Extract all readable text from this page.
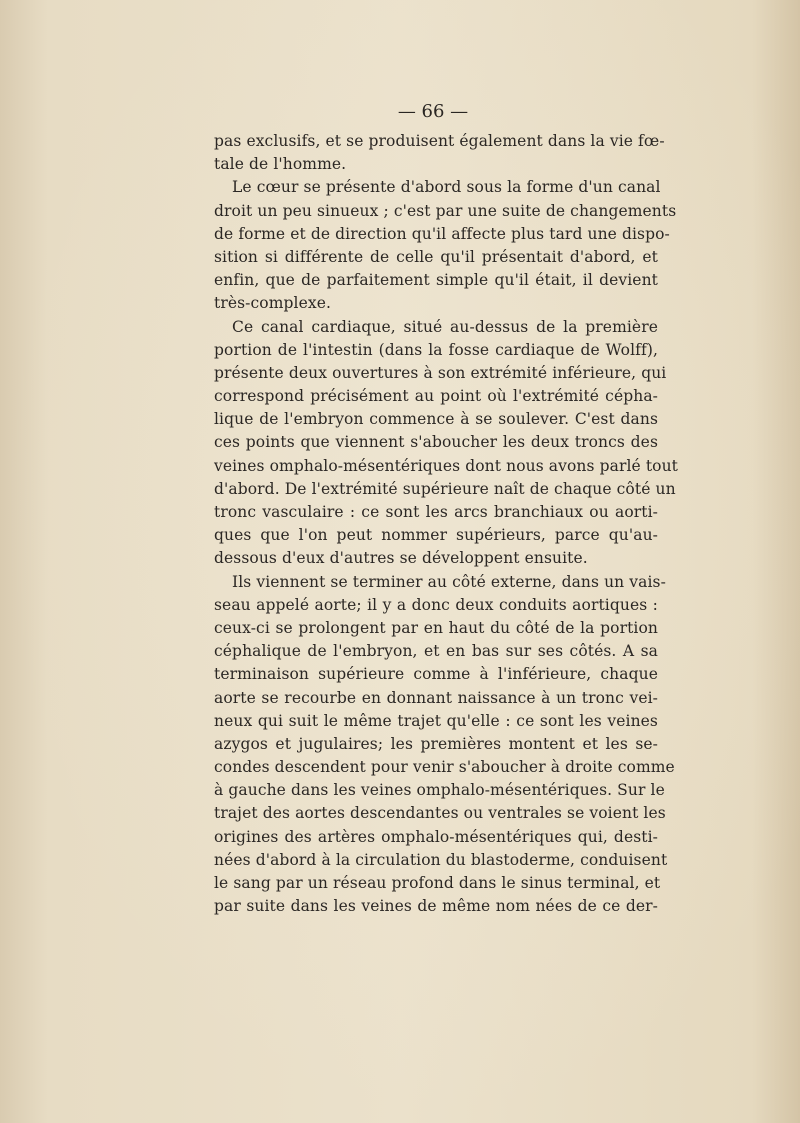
— 66 —
pas exclusifs, et se produisent également dans la vie fœ-
tale de l'homme.
Le cœur se présente d'abord sous la forme d'un canal
droit un peu sinueux ; c'est par une suite de changements
de forme et de direction qu'il affecte plus tard une dispo-
sition si différente de celle qu'il présentait d'abord, et
enfin, que de parfaitement simple qu'il était, il devient
très-complexe.
Ce canal cardiaque, situé au-dessus de la première
portion de l'intestin (dans la fosse cardiaque de Wolff),
présente deux ouvertures à son extrémité inférieure, qui
correspond précisément au point où l'extrémité cépha-
lique de l'embryon commence à se soulever. C'est dans
ces points que viennent s'aboucher les deux troncs des
veines omphalo-mésentériques dont nous avons parlé tout
d'abord. De l'extrémité supérieure naît de chaque côté un
tronc vasculaire : ce sont les arcs branchiaux ou aorti-
ques que l'on peut nommer supérieurs, parce qu'au-
dessous d'eux d'autres se développent ensuite.
Ils viennent se terminer au côté externe, dans un vais-
seau appelé aorte; il y a donc deux conduits aortiques :
ceux-ci se prolongent par en haut du côté de la portion
céphalique de l'embryon, et en bas sur ses côtés. A sa
terminaison supérieure comme à l'inférieure, chaque
aorte se recourbe en donnant naissance à un tronc vei-
neux qui suit le même trajet qu'elle : ce sont les veines
azygos et jugulaires; les premières montent et les se-
condes descendent pour venir s'aboucher à droite comme
à gauche dans les veines omphalo-mésentériques. Sur le
trajet des aortes descendantes ou ventrales se voient les
origines des artères omphalo-mésentériques qui, desti-
nées d'abord à la circulation du blastoderme, conduisent
le sang par un réseau profond dans le sinus terminal, et
par suite dans les veines de même nom nées de ce der-
